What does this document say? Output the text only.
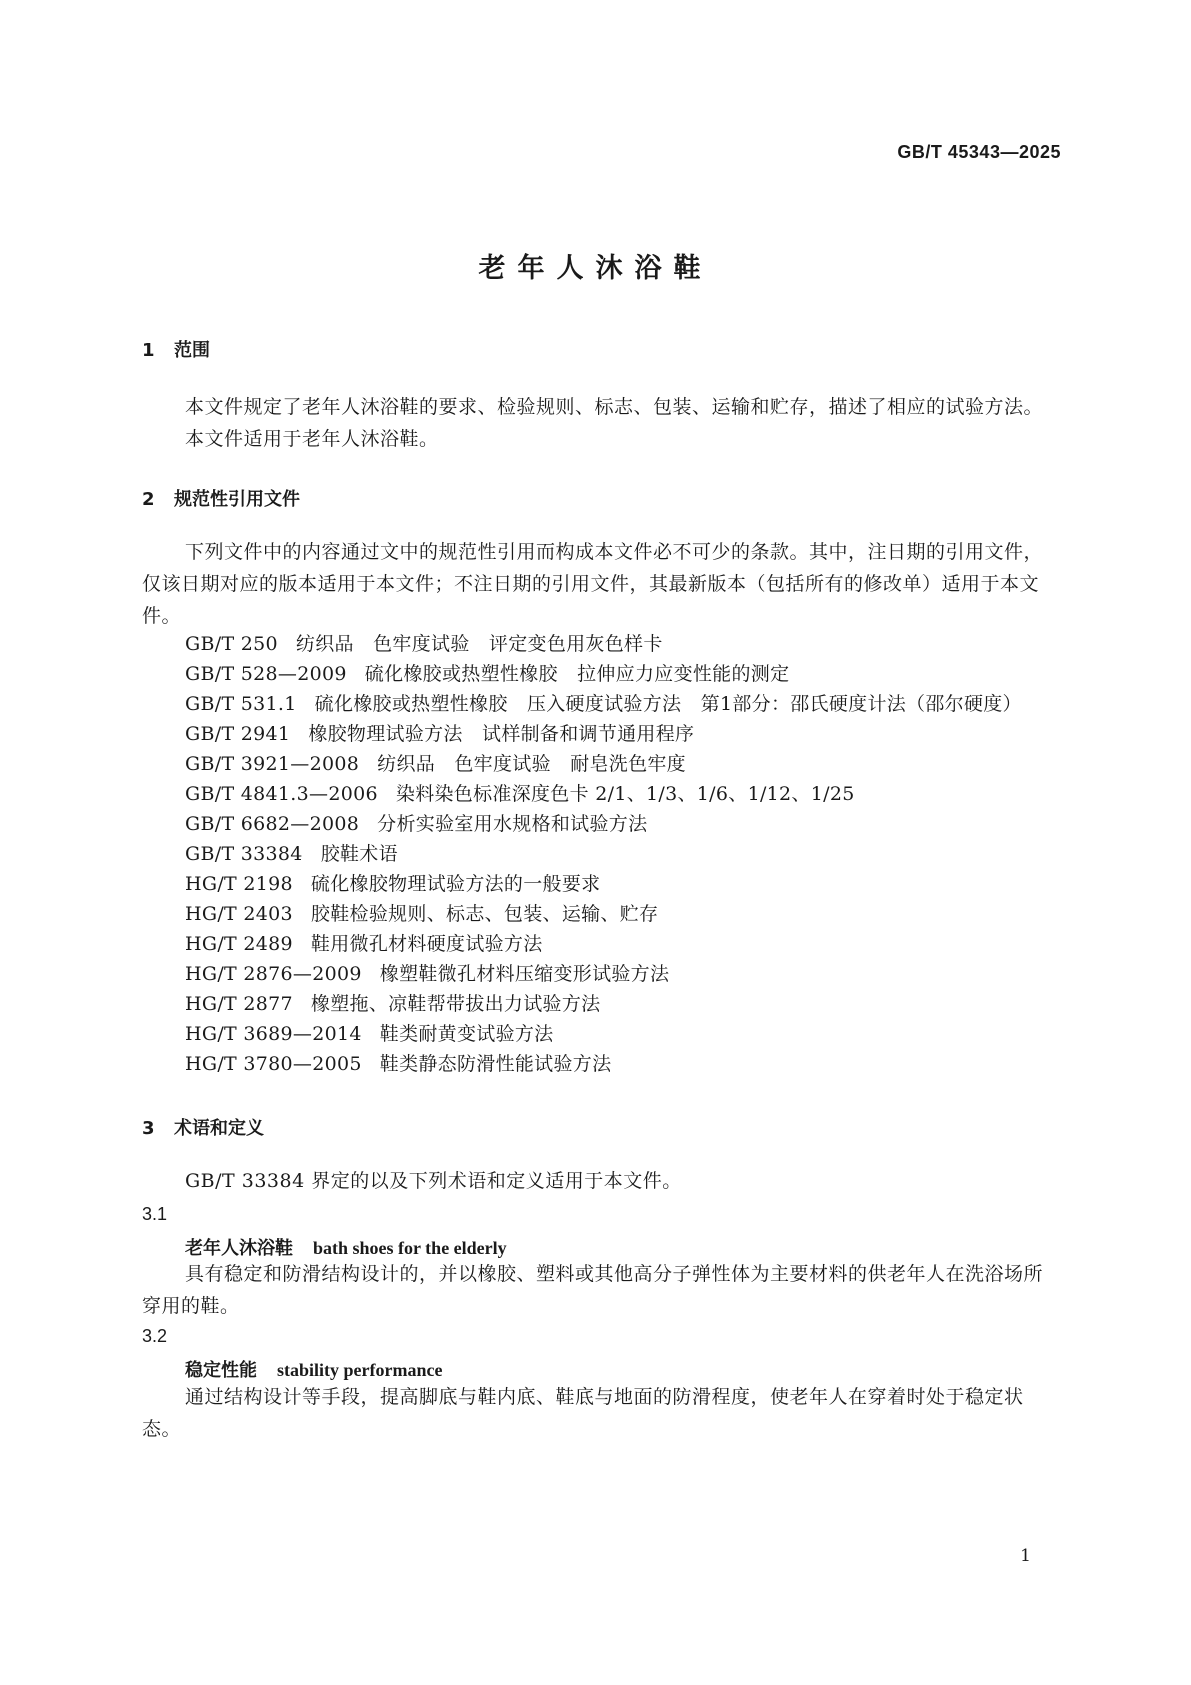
GB/T 45343—2025
老年人沐浴鞋
1 范围

本文件规定了老年人沐浴鞋的要求、检验规则、标志、包装、运输和贮存，描述了相应的试验方法。

本文件适用于老年人沐浴鞋。

2 规范性引用文件

下列文件中的内容通过文中的规范性引用而构成本文件必不可少的条款。其中，注日期的引用文件，仅该日期对应的版本适用于本文件；不注日期的引用文件，其最新版本（包括所有的修改单）适用于本文件。

GB/T 250 纺织品　色牢度试验　评定变色用灰色样卡
GB/T 528—2009 硫化橡胶或热塑性橡胶　拉伸应力应变性能的测定
GB/T 531.1 硫化橡胶或热塑性橡胶　压入硬度试验方法　第1部分：邵氏硬度计法（邵尔硬度）
GB/T 2941 橡胶物理试验方法　试样制备和调节通用程序
GB/T 3921—2008 纺织品　色牢度试验　耐皂洗色牢度
GB/T 4841.3—2006 染料染色标准深度色卡 2/1、1/3、1/6、1/12、1/25
GB/T 6682—2008 分析实验室用水规格和试验方法
GB/T 33384 胶鞋术语
HG/T 2198 硫化橡胶物理试验方法的一般要求
HG/T 2403 胶鞋检验规则、标志、包装、运输、贮存
HG/T 2489 鞋用微孔材料硬度试验方法
HG/T 2876—2009 橡塑鞋微孔材料压缩变形试验方法
HG/T 2877 橡塑拖、凉鞋帮带拔出力试验方法
HG/T 3689—2014 鞋类耐黄变试验方法
HG/T 3780—2005 鞋类静态防滑性能试验方法
3 术语和定义

GB/T 33384 界定的以及下列术语和定义适用于本文件。

3.1
老年人沐浴鞋 bath shoes for the elderly

具有稳定和防滑结构设计的，并以橡胶、塑料或其他高分子弹性体为主要材料的供老年人在洗浴场所穿用的鞋。

3.2
稳定性能 stability performance

通过结构设计等手段，提高脚底与鞋内底、鞋底与地面的防滑程度，使老年人在穿着时处于稳定状态。

1
